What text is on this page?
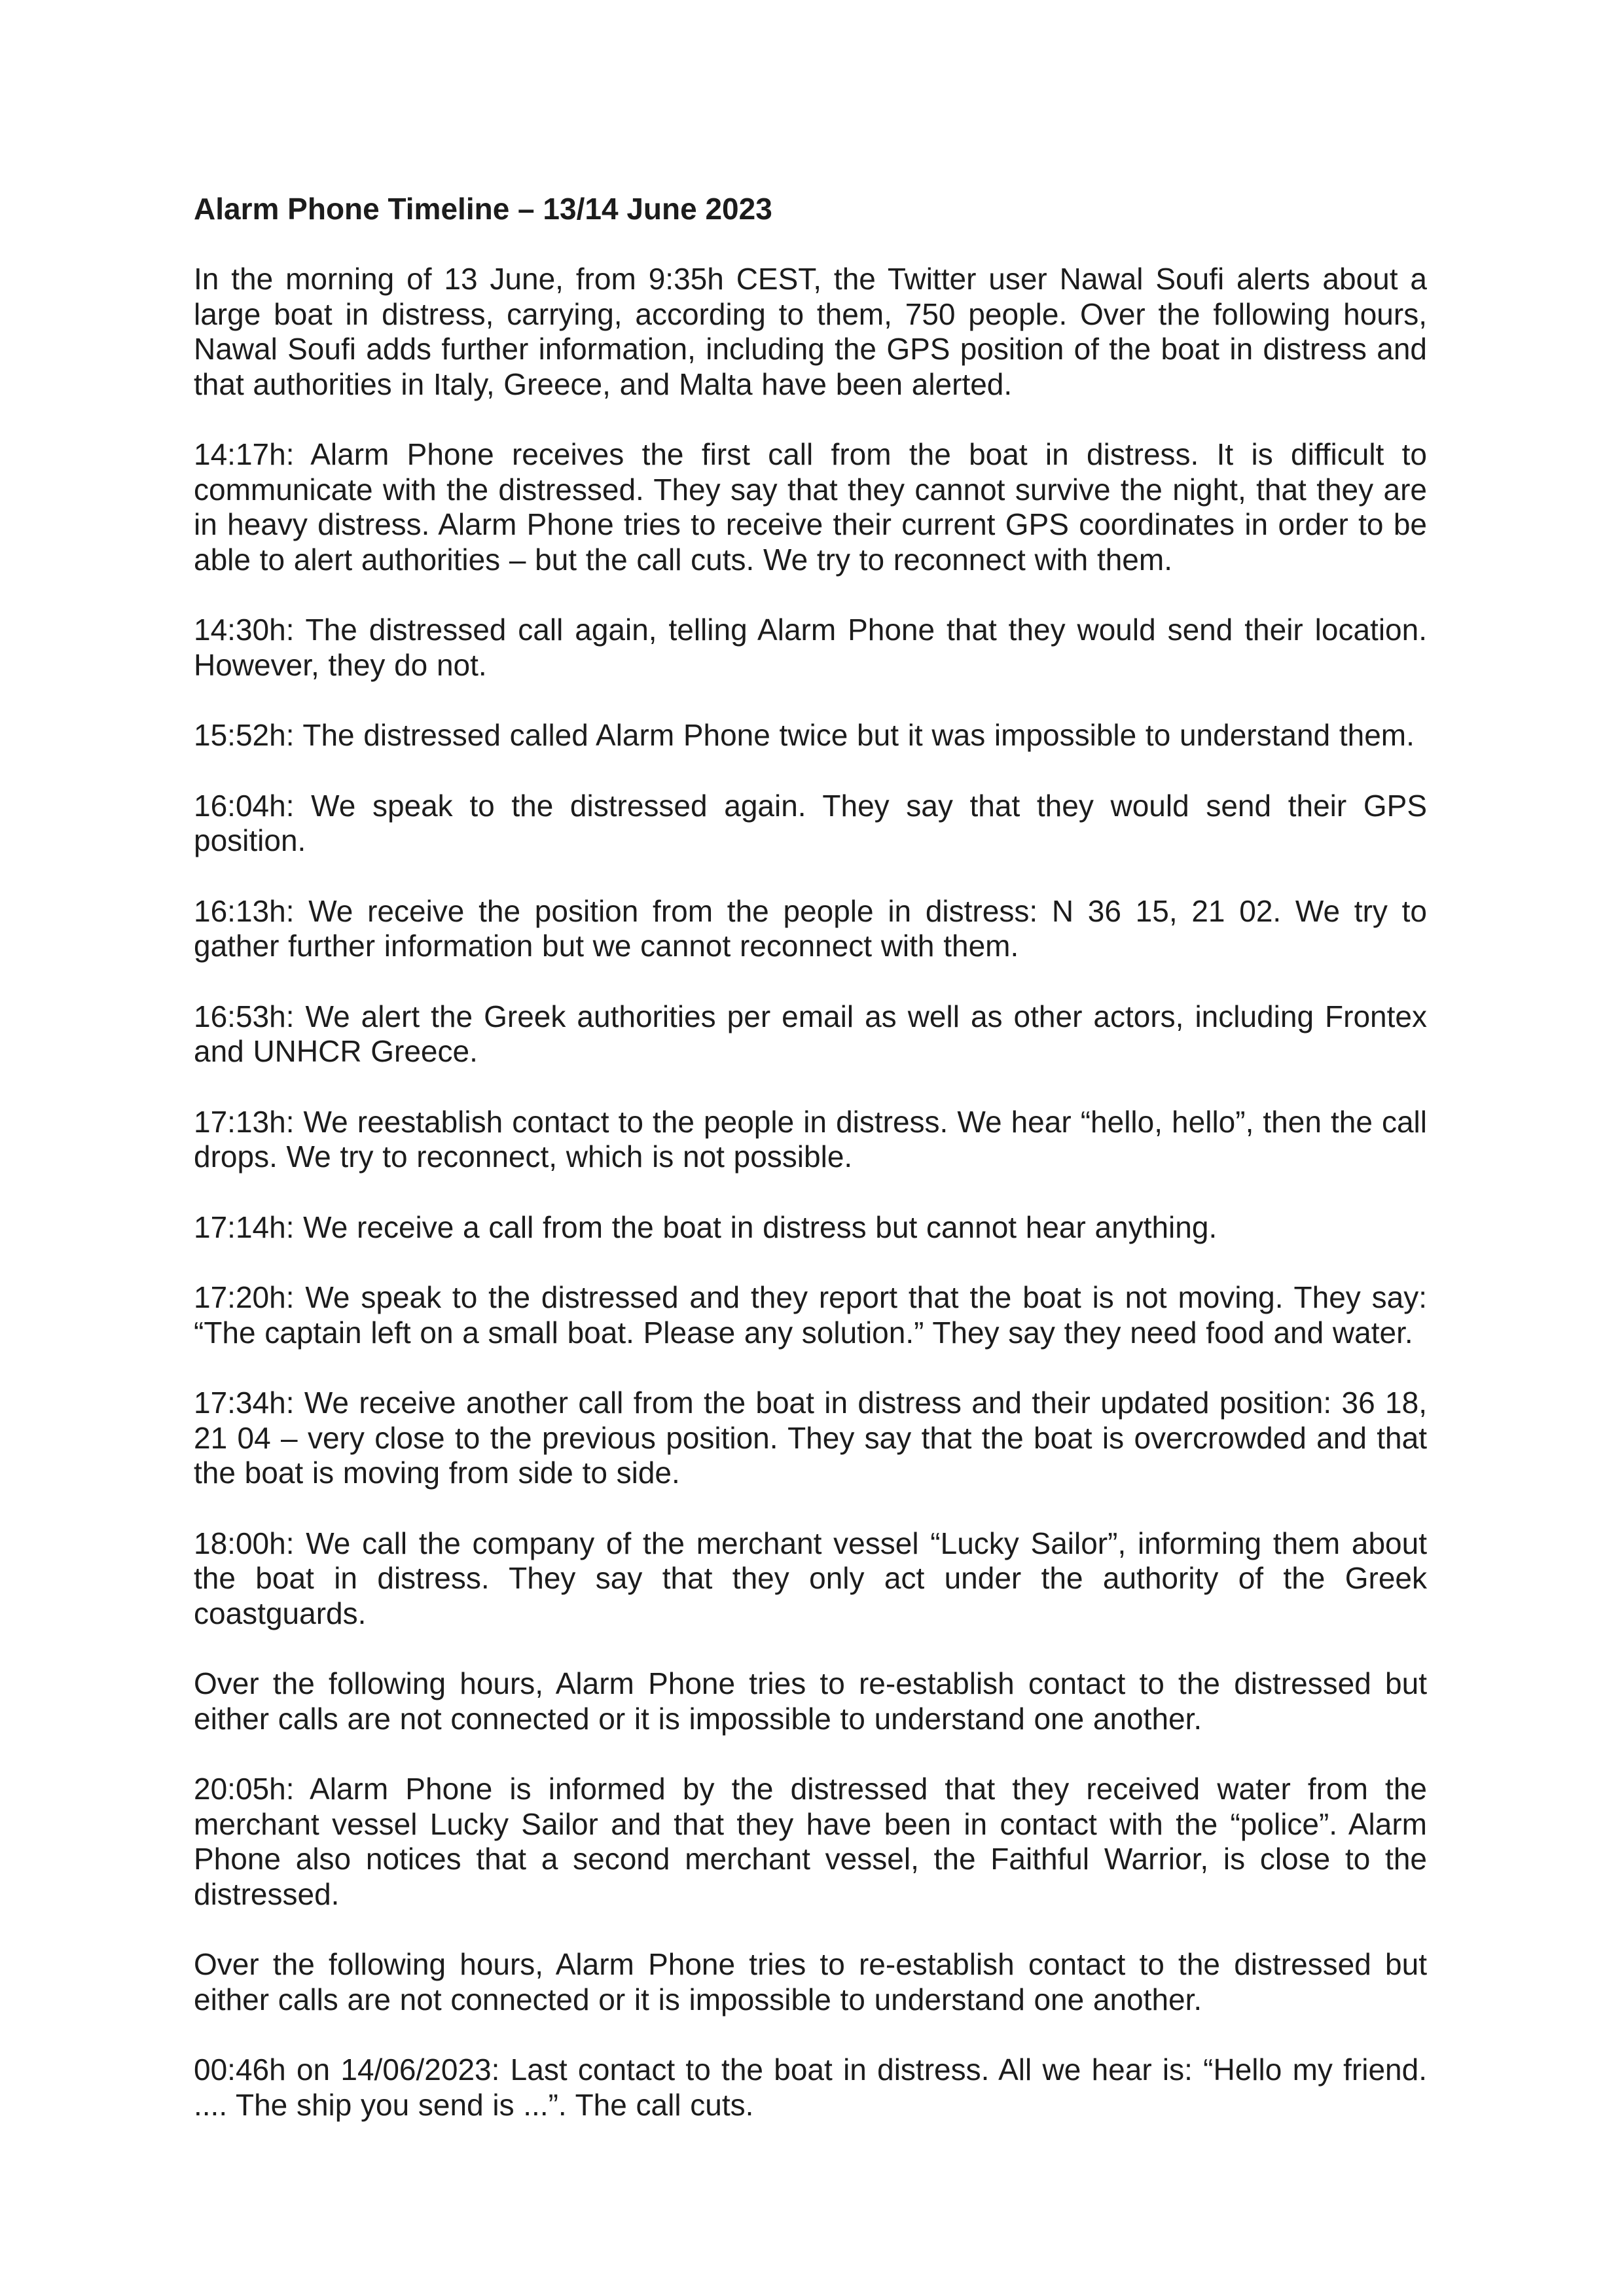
Alarm Phone Timeline – 13/14 June 2023

In the morning of 13 June, from 9:35h CEST, the Twitter user Nawal Soufi alerts about a large boat in distress, carrying, according to them, 750 people. Over the following hours, Nawal Soufi adds further information, including the GPS position of the boat in distress and that authorities in Italy, Greece, and Malta have been alerted.

14:17h: Alarm Phone receives the first call from the boat in distress. It is difficult to communicate with the distressed. They say that they cannot survive the night, that they are in heavy distress. Alarm Phone tries to receive their current GPS coordinates in order to be able to alert authorities – but the call cuts. We try to reconnect with them.

14:30h: The distressed call again, telling Alarm Phone that they would send their location. However, they do not.

15:52h: The distressed called Alarm Phone twice but it was impossible to understand them.

16:04h: We speak to the distressed again. They say that they would send their GPS position.

16:13h: We receive the position from the people in distress: N 36 15, 21 02. We try to gather further information but we cannot reconnect with them.

16:53h: We alert the Greek authorities per email as well as other actors, including Frontex and UNHCR Greece.

17:13h: We reestablish contact to the people in distress. We hear “hello, hello”, then the call drops. We try to reconnect, which is not possible.

17:14h: We receive a call from the boat in distress but cannot hear anything.

17:20h: We speak to the distressed and they report that the boat is not moving. They say: “The captain left on a small boat. Please any solution.” They say they need food and water.

17:34h: We receive another call from the boat in distress and their updated position: 36 18, 21 04 – very close to the previous position. They say that the boat is overcrowded and that the boat is moving from side to side.

18:00h: We call the company of the merchant vessel “Lucky Sailor”, informing them about the boat in distress. They say that they only act under the authority of the Greek coastguards.

Over the following hours, Alarm Phone tries to re-establish contact to the distressed but either calls are not connected or it is impossible to understand one another.

20:05h: Alarm Phone is informed by the distressed that they received water from the merchant vessel Lucky Sailor and that they have been in contact with the “police”. Alarm Phone also notices that a second merchant vessel, the Faithful Warrior, is close to the distressed.

Over the following hours, Alarm Phone tries to re-establish contact to the distressed but either calls are not connected or it is impossible to understand one another.

00:46h on 14/06/2023: Last contact to the boat in distress. All we hear is: “Hello my friend. .... The ship you send is ...”. The call cuts.
